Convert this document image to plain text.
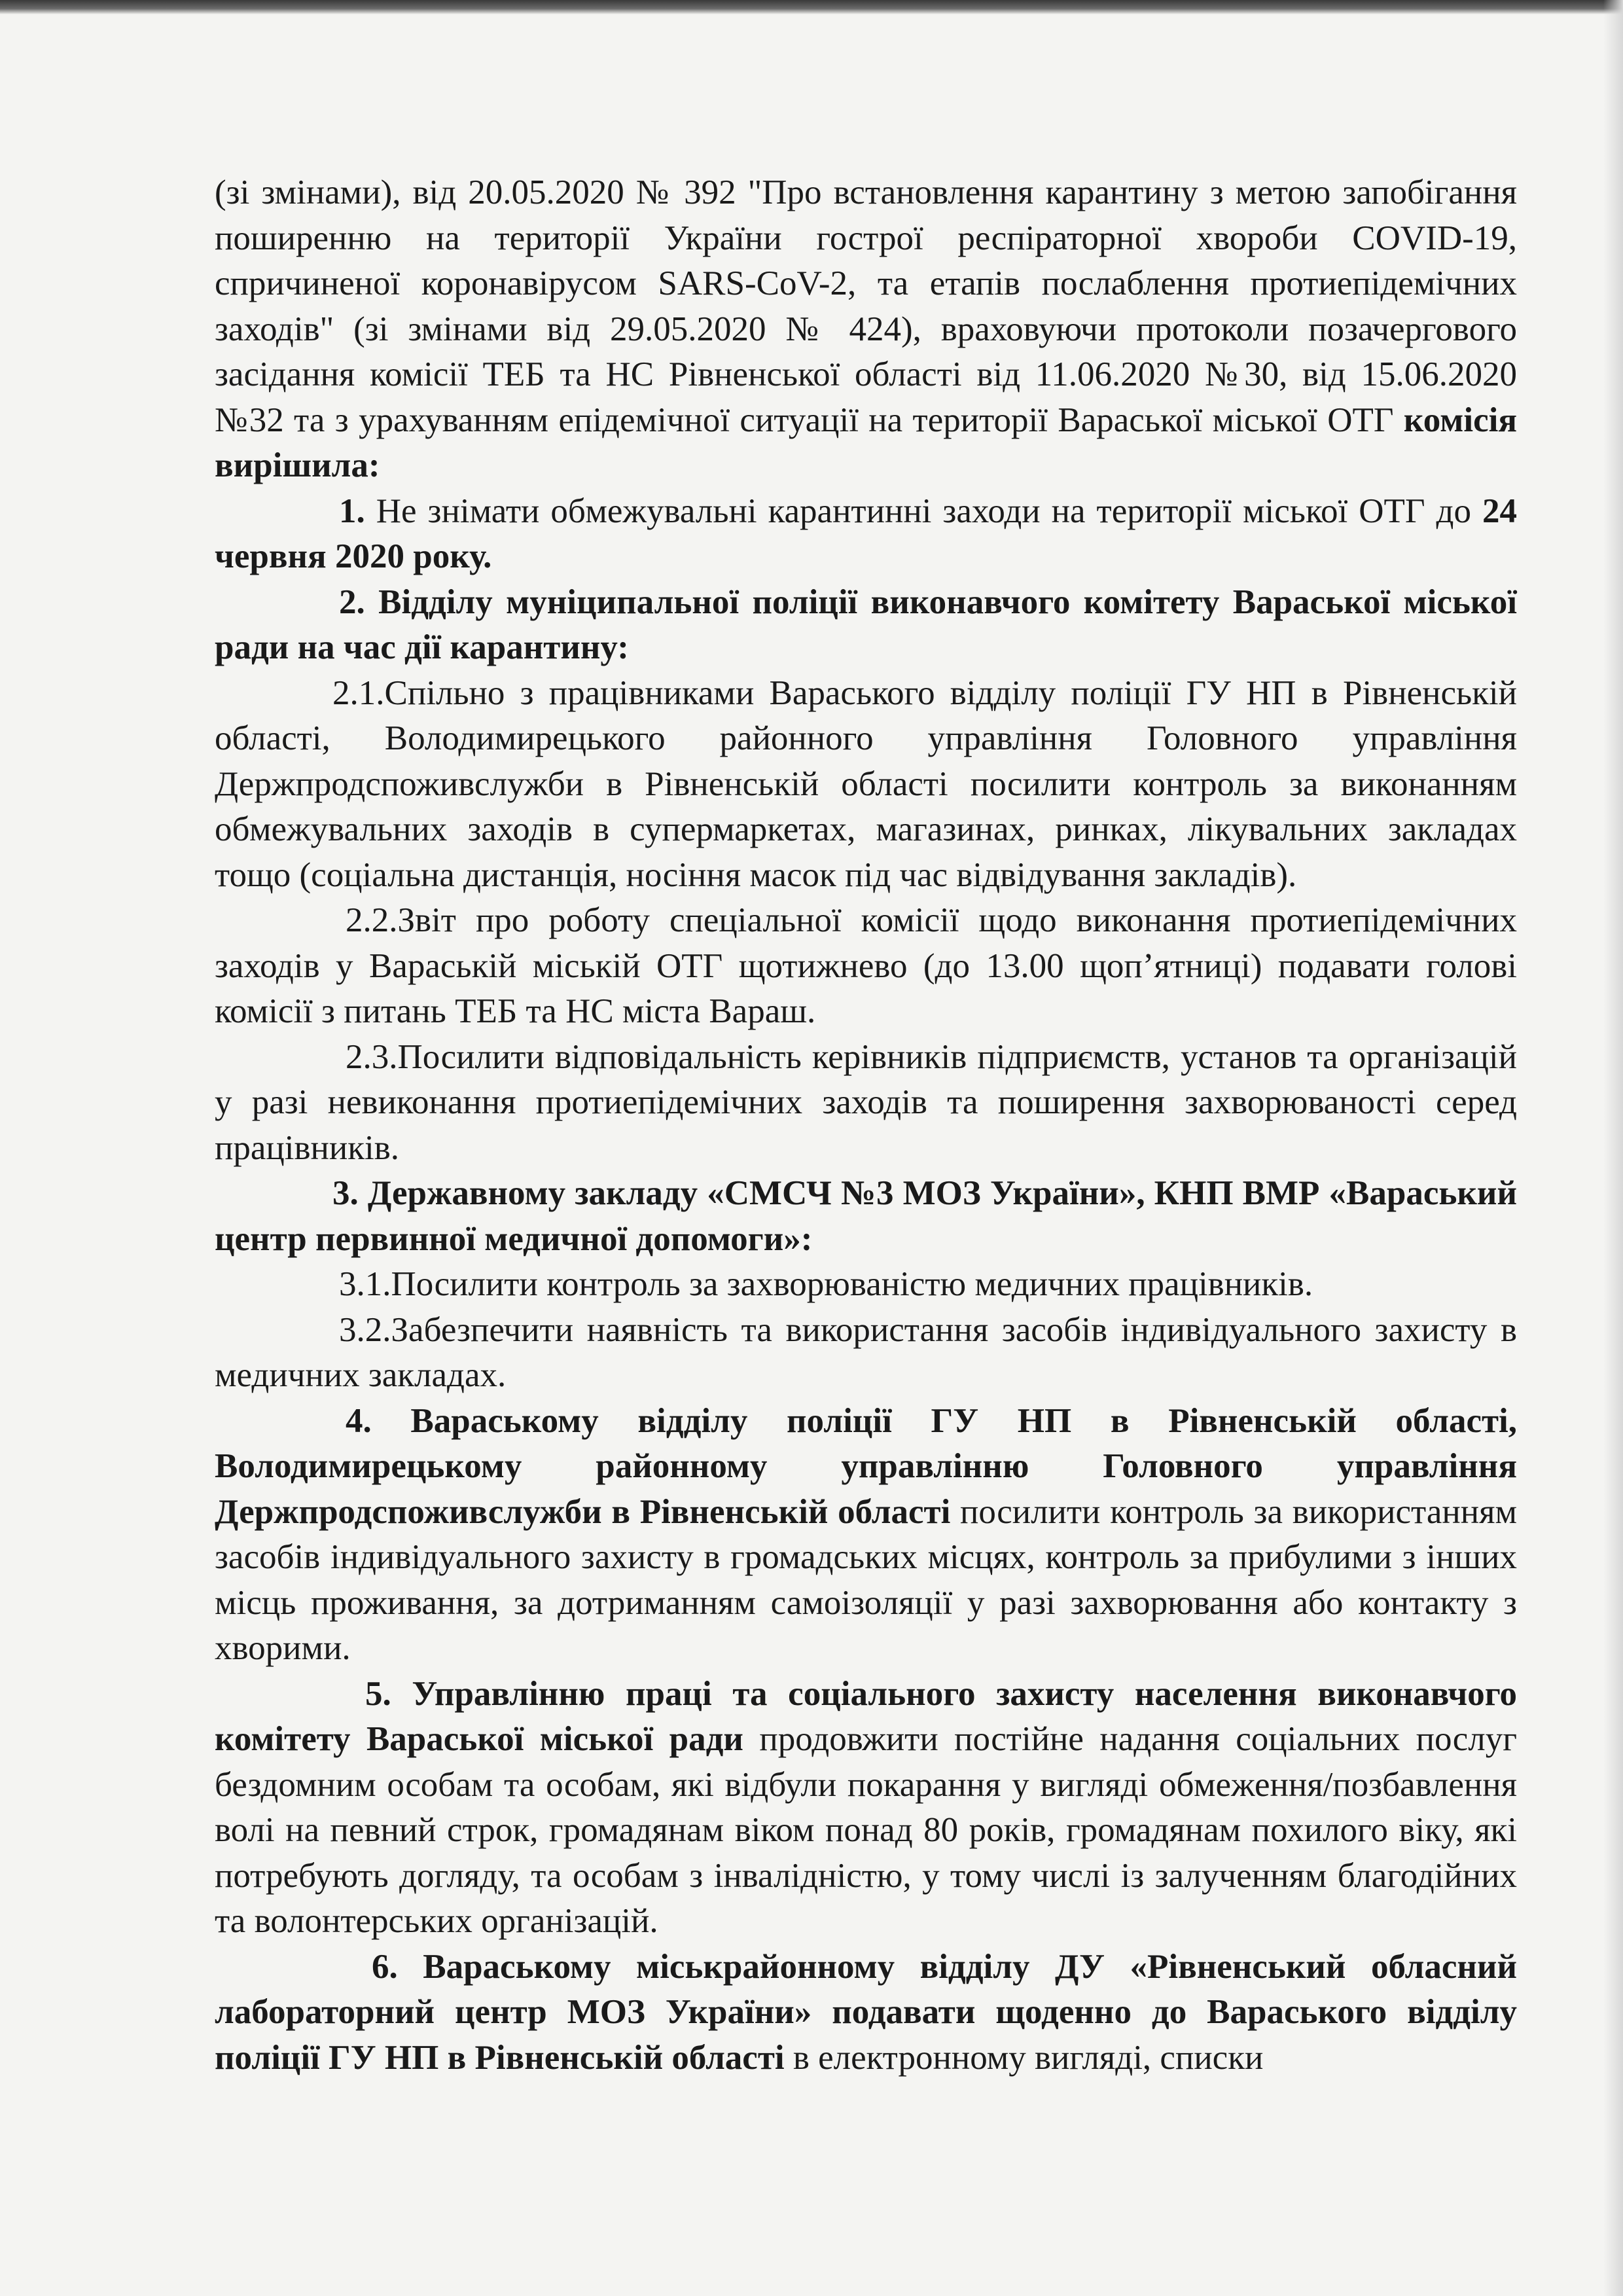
(зі змінами), від 20.05.2020 № 392 "Про встановлення карантину з метою запобігання поширенню на території України гострої респіраторної хвороби COVID-19, спричиненої коронавірусом SARS-CoV-2, та етапів послаблення протиепідемічних заходів" (зі змінами від 29.05.2020 № 424), враховуючи протоколи позачергового засідання комісії ТЕБ та НС Рівненської області від 11.06.2020 №30, від 15.06.2020 №32 та з урахуванням епідемічної ситуації на території Вараської міської ОТГ комісія вирішила:

1. Не знімати обмежувальні карантинні заходи на території міської ОТГ до 24 червня 2020 року.

2. Відділу муніципальної поліції виконавчого комітету Вараської міської ради на час дії карантину:

2.1.Спільно з працівниками Вараського відділу поліції ГУ НП в Рівненській області, Володимирецького районного управління Головного управління Держпродспоживслужби в Рівненській області посилити контроль за виконанням обмежувальних заходів в супермаркетах, магазинах, ринках, лікувальних закладах тощо (соціальна дистанція, носіння масок під час відвідування закладів).

2.2.Звіт про роботу спеціальної комісії щодо виконання протиепідемічних заходів у Вараській міській ОТГ щотижнево (до 13.00 щоп’ятниці) подавати голові комісії з питань ТЕБ та НС міста Вараш.

2.3.Посилити відповідальність керівників підприємств, установ та організацій у разі невиконання протиепідемічних заходів та поширення захворюваності серед працівників.

3. Державному закладу «СМСЧ №3 МОЗ України», КНП ВМР «Вараський центр первинної медичної допомоги»:

3.1.Посилити контроль за захворюваністю медичних працівників.

3.2.Забезпечити наявність та використання засобів індивідуального захисту в медичних закладах.

4. Вараському відділу поліції ГУ НП в Рівненській області, Володимирецькому районному управлінню Головного управління Держпродспоживслужби в Рівненській області посилити контроль за використанням засобів індивідуального захисту в громадських місцях, контроль за прибулими з інших місць проживання, за дотриманням самоізоляції у разі захворювання або контакту з хворими.

5. Управлінню праці та соціального захисту населення виконавчого комітету Вараської міської ради продовжити постійне надання соціальних послуг бездомним особам та особам, які відбули покарання у вигляді обмеження/позбавлення волі на певний строк, громадянам віком понад 80 років, громадянам похилого віку, які потребують догляду, та особам з інвалідністю, у тому числі із залученням благодійних та волонтерських організацій.

6. Вараському міськрайонному відділу ДУ «Рівненський обласний лабораторний центр МОЗ України» подавати щоденно до Вараського відділу поліції ГУ НП в Рівненській області в електронному вигляді, списки
